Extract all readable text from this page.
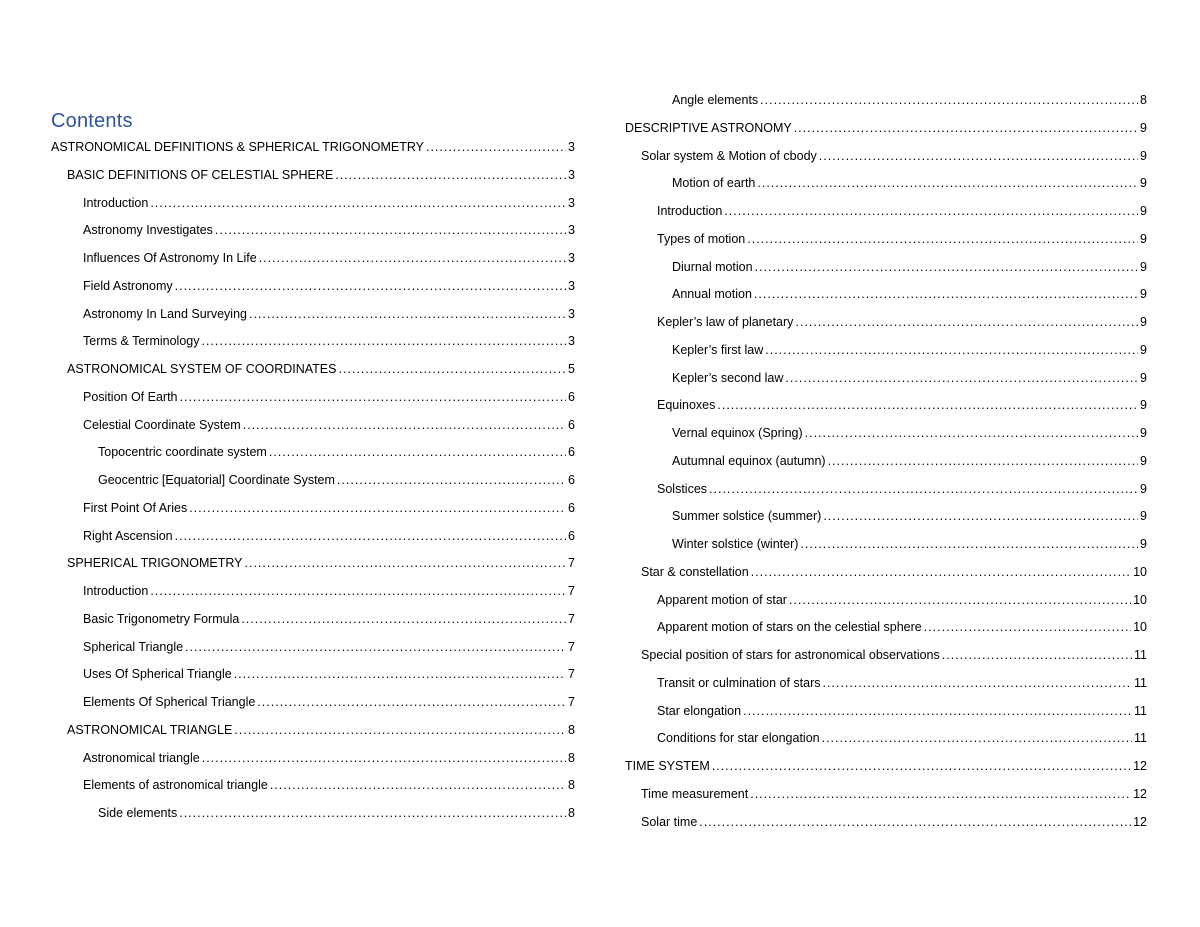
Contents
ASTRONOMICAL DEFINITIONS & SPHERICAL TRIGONOMETRY .....	3
BASIC DEFINITIONS OF CELESTIAL SPHERE .....	3
Introduction .....	3
Astronomy Investigates .....	3
Influences Of Astronomy In Life .....	3
Field Astronomy .....	3
Astronomy In Land Surveying .....	3
Terms & Terminology .....	3
ASTRONOMICAL SYSTEM OF COORDINATES .....	5
Position Of Earth .....	6
Celestial Coordinate System .....	6
Topocentric coordinate system .....	6
Geocentric [Equatorial] Coordinate System .....	6
First Point Of Aries .....	6
Right Ascension .....	6
SPHERICAL TRIGONOMETRY .....	7
Introduction .....	7
Basic Trigonometry Formula .....	7
Spherical Triangle .....	7
Uses Of Spherical Triangle .....	7
Elements Of Spherical Triangle .....	7
ASTRONOMICAL TRIANGLE .....	8
Astronomical triangle .....	8
Elements of astronomical triangle .....	8
Side elements .....	8
Angle elements .....	8
DESCRIPTIVE ASTRONOMY .....	9
Solar system & Motion of cbody .....	9
Motion of earth .....	9
Introduction .....	9
Types of motion .....	9
Diurnal motion .....	9
Annual motion .....	9
Kepler’s law of planetary .....	9
Kepler’s first law .....	9
Kepler’s second law .....	9
Equinoxes .....	9
Vernal equinox (Spring) .....	9
Autumnal equinox (autumn) .....	9
Solstices .....	9
Summer solstice (summer) .....	9
Winter solstice (winter) .....	9
Star & constellation .....	10
Apparent motion of star .....	10
Apparent motion of stars on the celestial sphere .....	10
Special position of stars for astronomical observations .....	11
Transit or culmination of stars .....	11
Star elongation .....	11
Conditions for star elongation .....	11
TIME SYSTEM .....	12
Time measurement .....	12
Solar time .....	12
